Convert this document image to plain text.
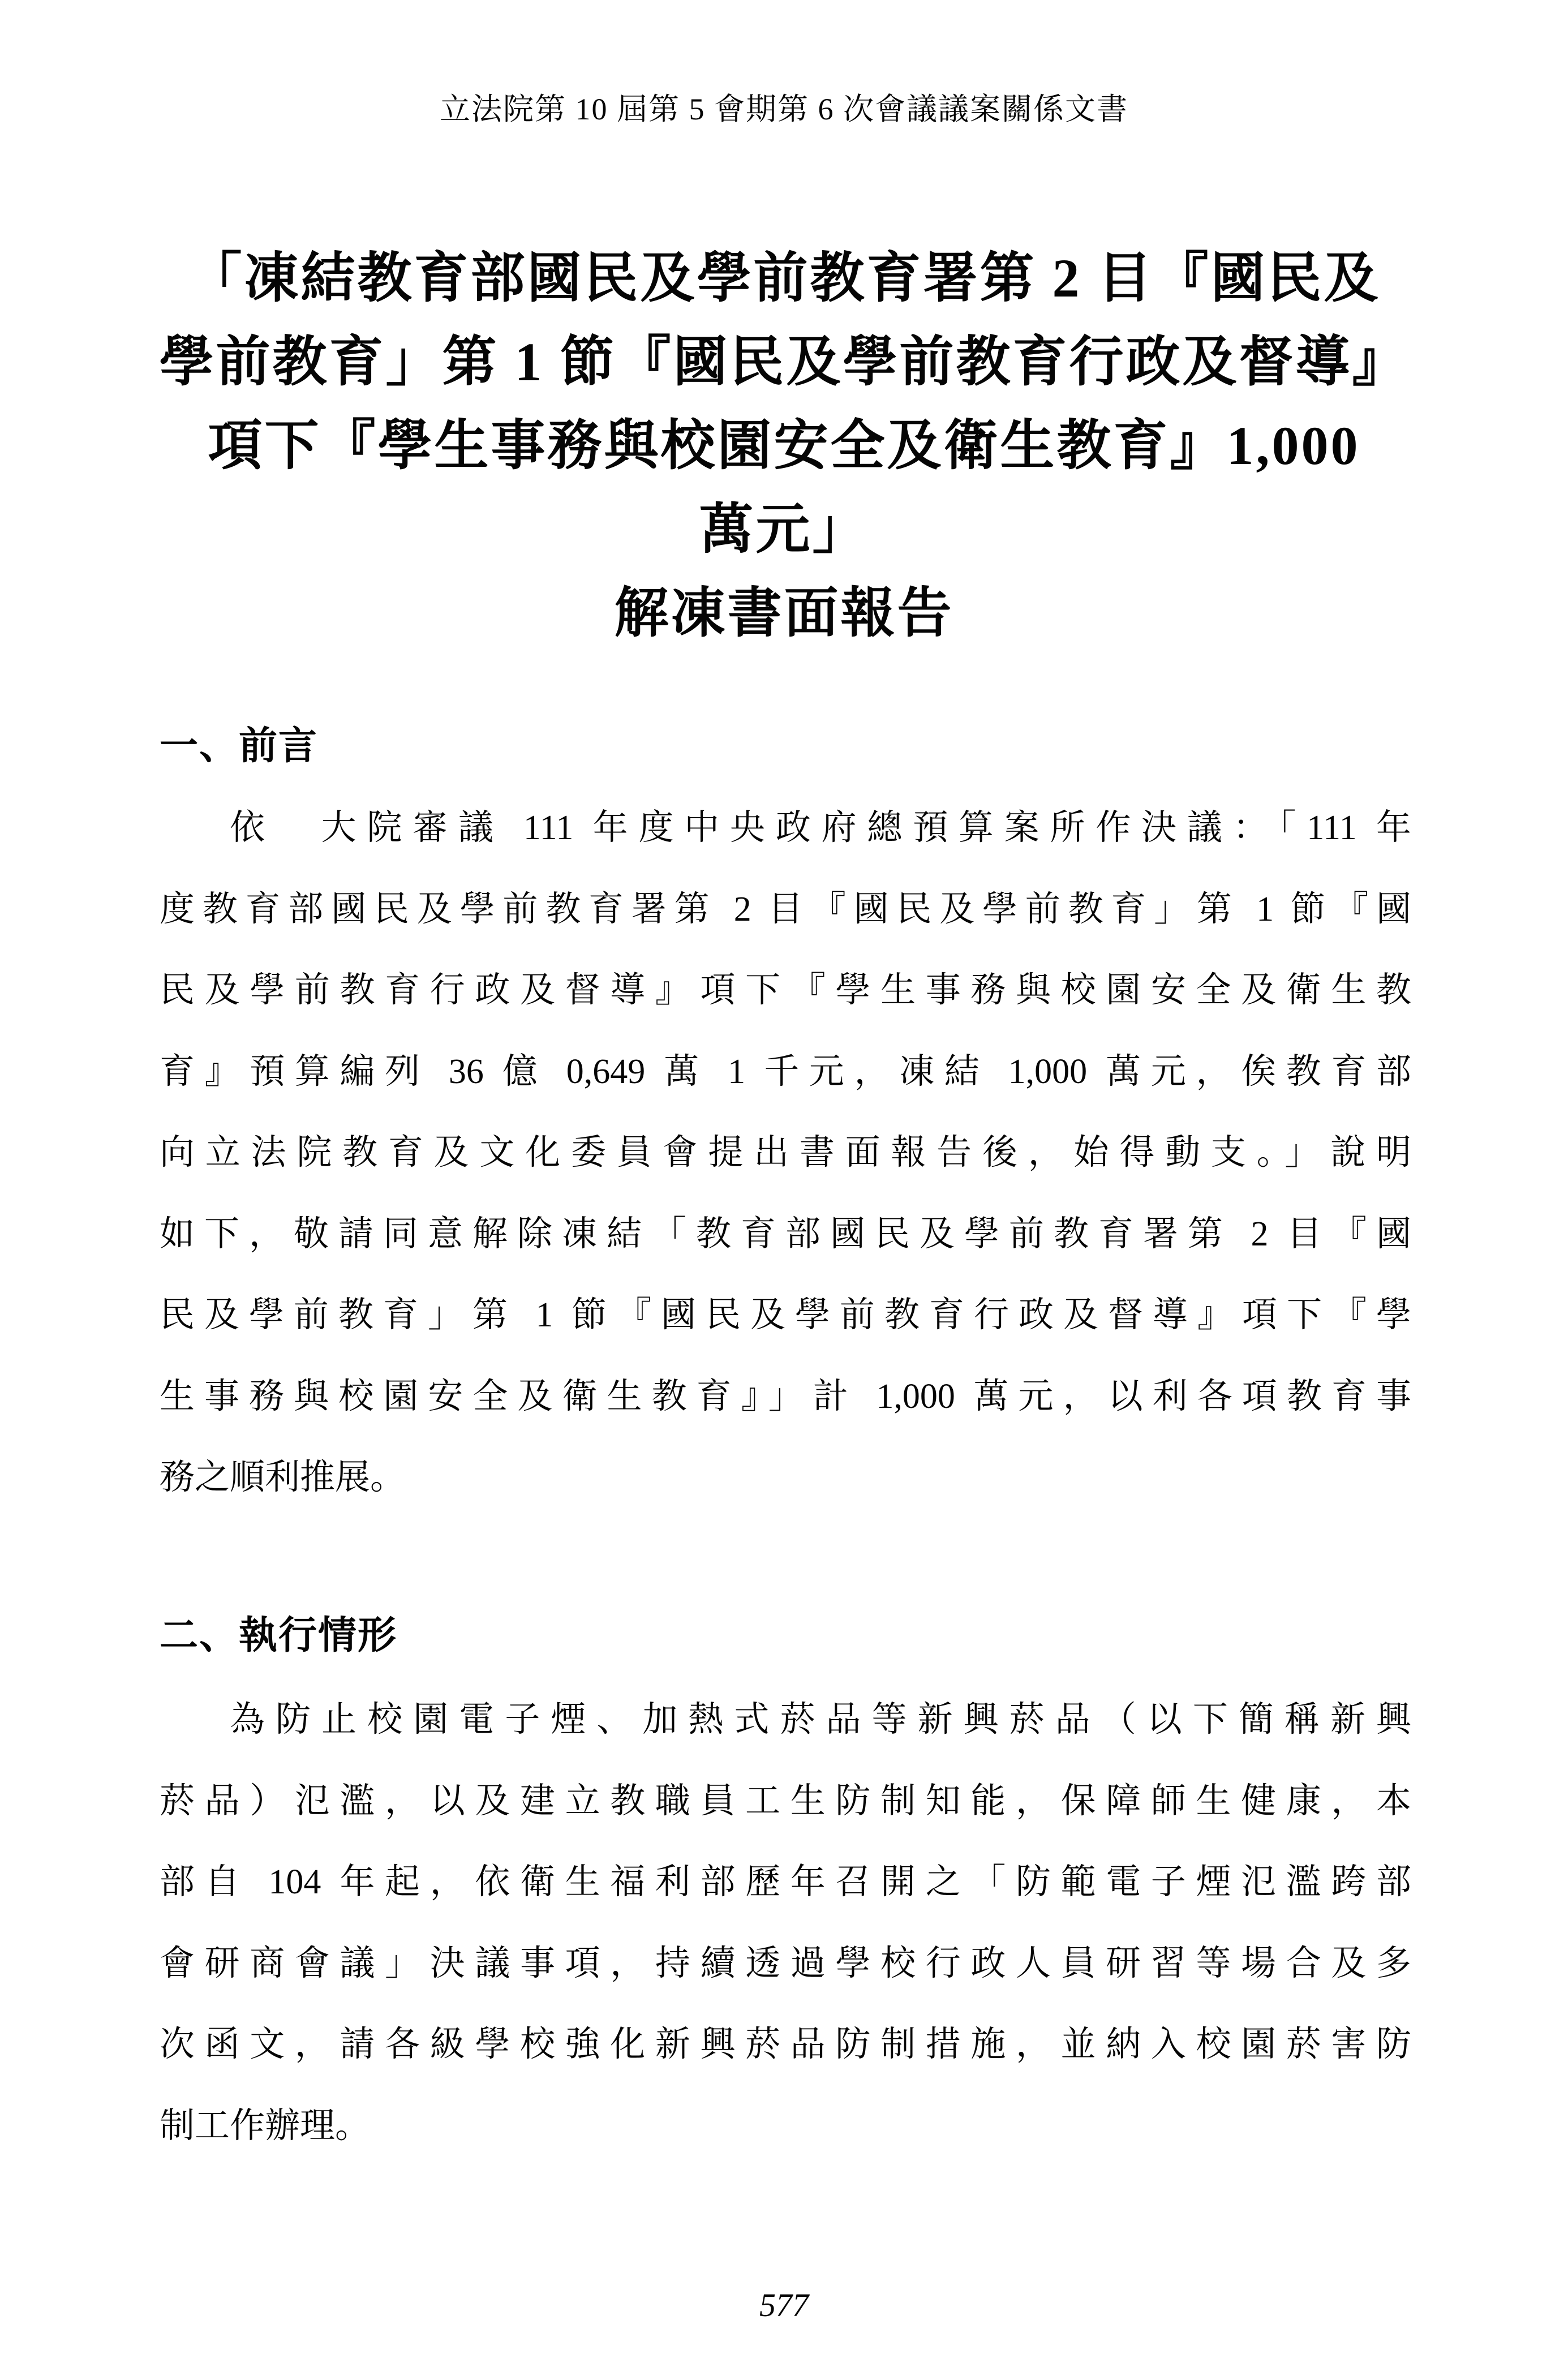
立法院第 10 屆第 5 會期第 6 次會議議案關係文書
「凍結教育部國民及學前教育署第 2 目『國民及
學前教育」第 1 節『國民及學前教育行政及督導』
項下『學生事務與校園安全及衛生教育』1,000
萬元」
解凍書面報告
一、前言
依　大院審議 111 年度中央政府總預算案所作決議：「111 年
度教育部國民及學前教育署第 2 目『國民及學前教育」第 1 節『國
民及學前教育行政及督導』項下『學生事務與校園安全及衛生教
育』預算編列 36 億 0,649 萬 1 千元，凍結 1,000 萬元，俟教育部
向立法院教育及文化委員會提出書面報告後，始得動支。」說明
如下，敬請同意解除凍結「教育部國民及學前教育署第 2 目『國
民及學前教育」第 1 節『國民及學前教育行政及督導』項下『學
生事務與校園安全及衛生教育』」計 1,000 萬元，以利各項教育事
務之順利推展。
二、執行情形
為防止校園電子煙、加熱式菸品等新興菸品（以下簡稱新興
菸品）氾濫，以及建立教職員工生防制知能，保障師生健康，本
部自 104 年起，依衛生福利部歷年召開之「防範電子煙氾濫跨部
會研商會議」決議事項，持續透過學校行政人員研習等場合及多
次函文，請各級學校強化新興菸品防制措施，並納入校園菸害防
制工作辦理。
577
